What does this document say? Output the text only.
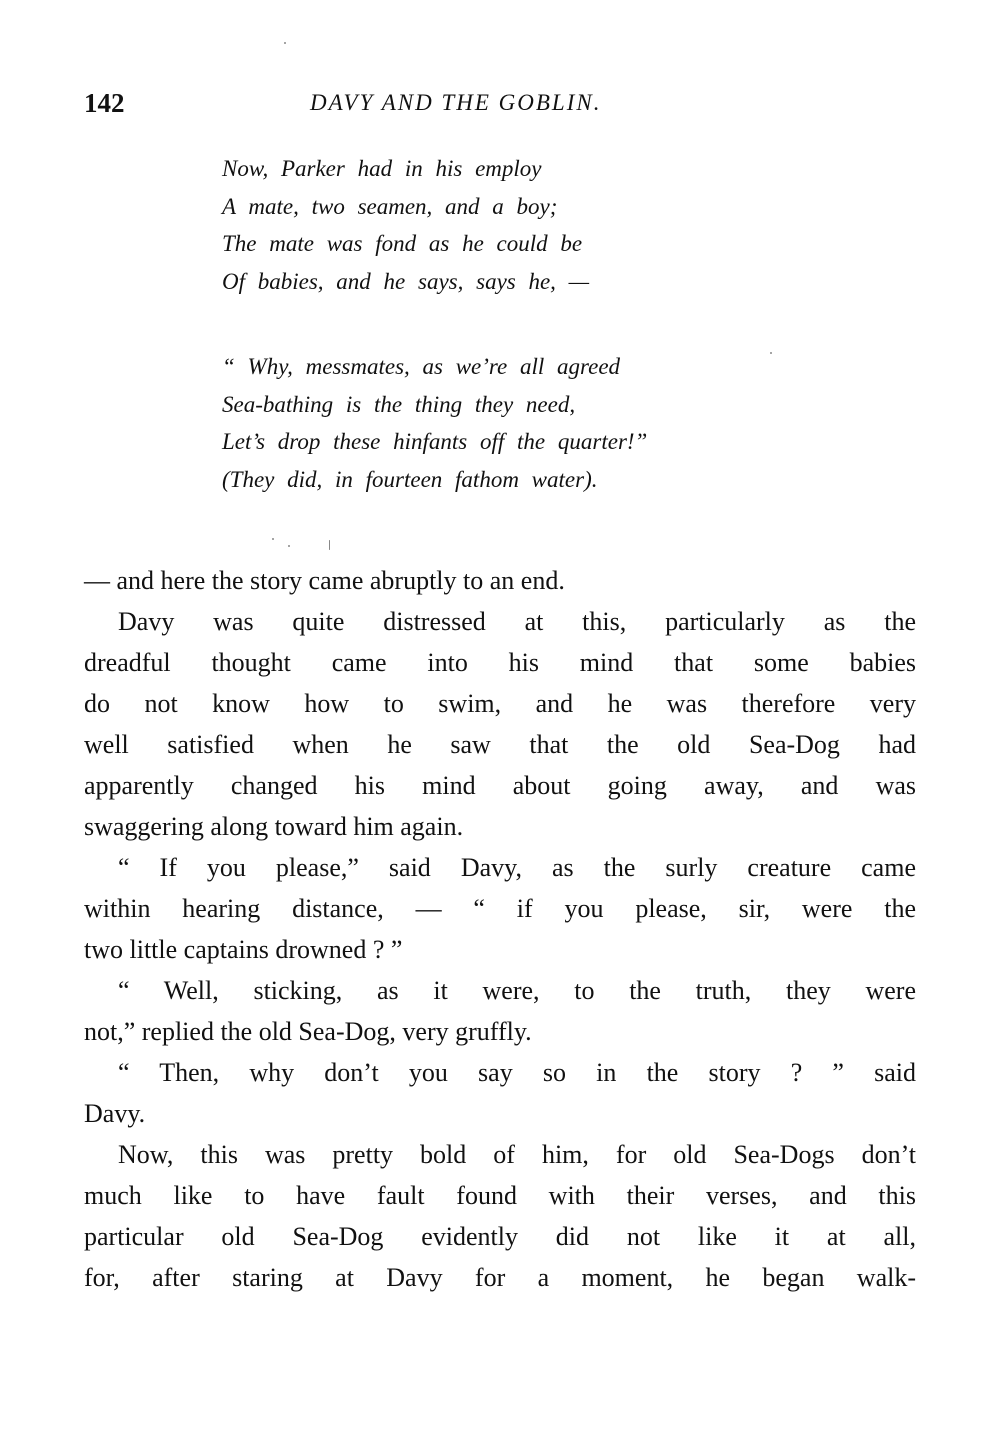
142	DAVY AND THE GOBLIN.
Now, Parker had in his employ
A mate, two seamen, and a boy;
The mate was fond as he could be
Of babies, and he says, says he, —
“ Why, messmates, as we’re all agreed
Sea-bathing is the thing they need,
Let’s drop these hinfants off the quarter!”
(They did, in fourteen fathom water).
— and here the story came abruptly to an end.
Davy was quite distressed at this, particularly as the
dreadful thought came into his mind that some babies
do not know how to swim, and he was therefore very
well satisfied when he saw that the old Sea-Dog had
apparently changed his mind about going away, and was
swaggering along toward him again.
“ If you please,” said Davy, as the surly creature came
within hearing distance, — “ if you please, sir, were the
two little captains drowned ? ”
“ Well, sticking, as it were, to the truth, they were
not,” replied the old Sea-Dog, very gruffly.
“ Then, why don’t you say so in the story ? ” said
Davy.
Now, this was pretty bold of him, for old Sea-Dogs don’t
much like to have fault found with their verses, and this
particular old Sea-Dog evidently did not like it at all,
for, after staring at Davy for a moment, he began walk-
